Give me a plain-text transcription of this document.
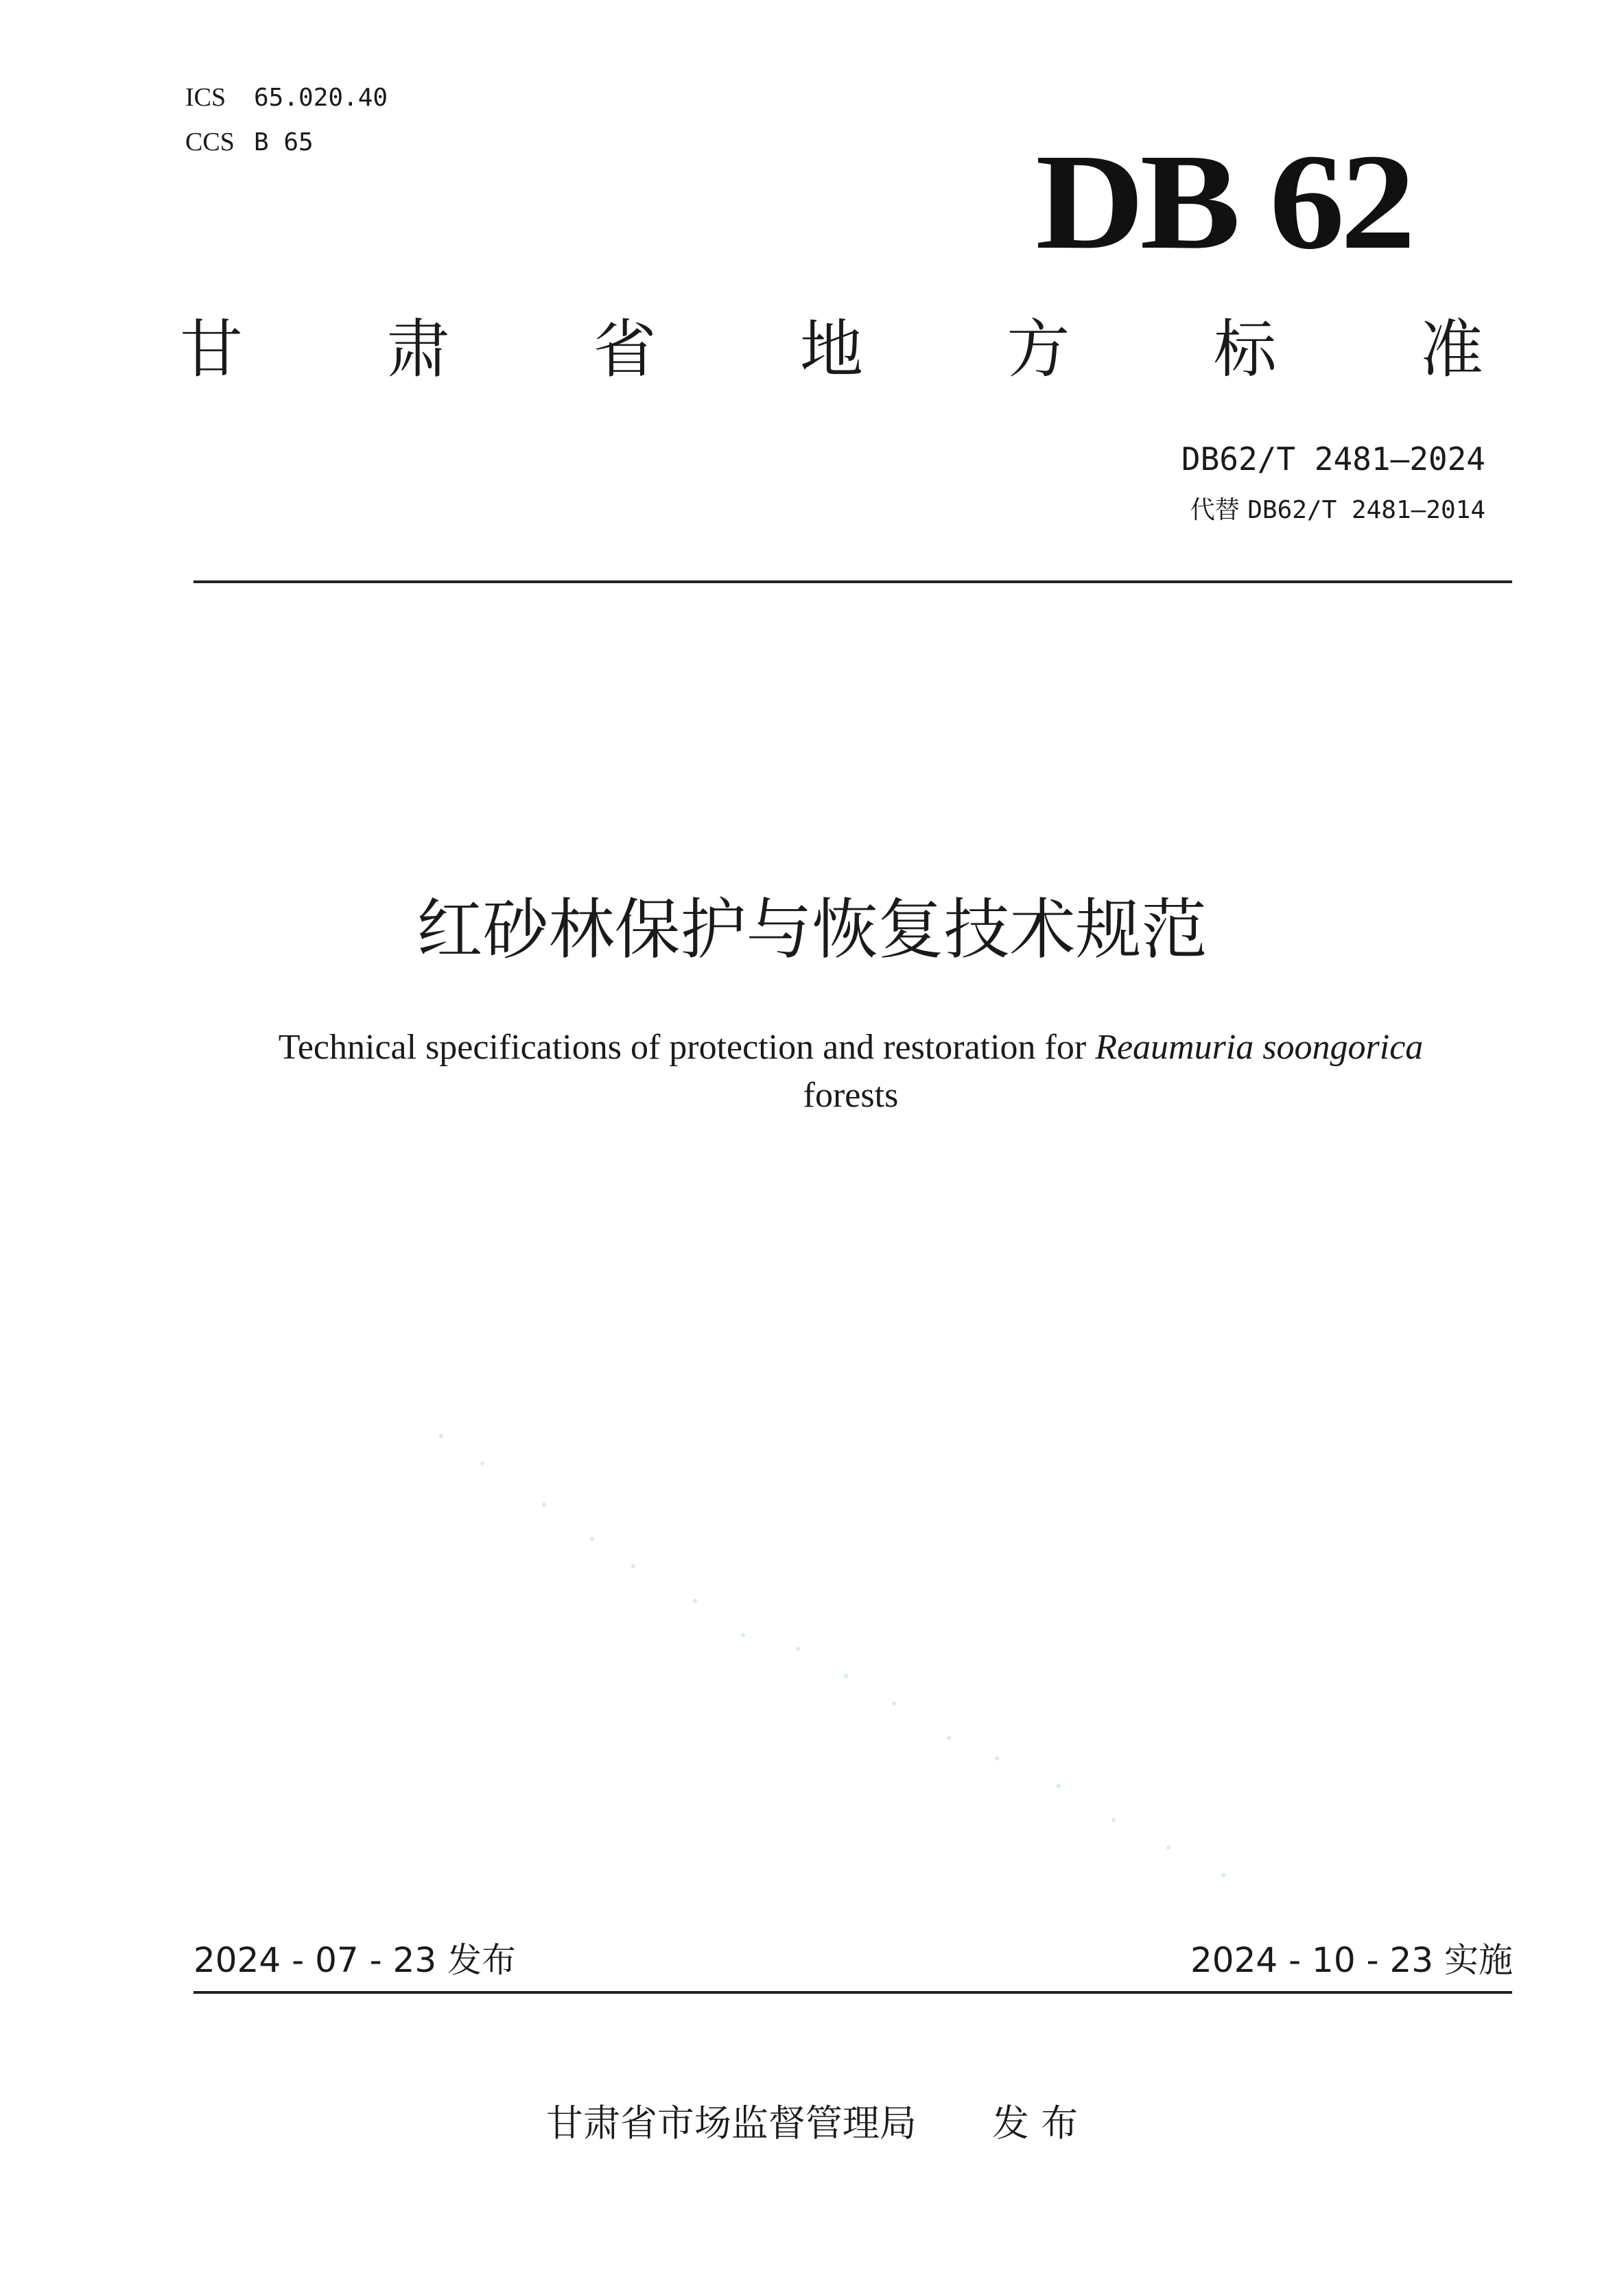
ICS	65.020.40
CCS B 65	DB 62
甘 肃 省 地 方 标 准
DB62/T 2481—2024
代替 DB62/T 2481—2014
红砂林保护与恢复技术规范
Technical specifications of protection and restoration for Reaumuria soongorica
forests
2024 - 07 - 23 发布	2024 - 10 - 23 实施
甘肃省市场监督管理局 发 布
